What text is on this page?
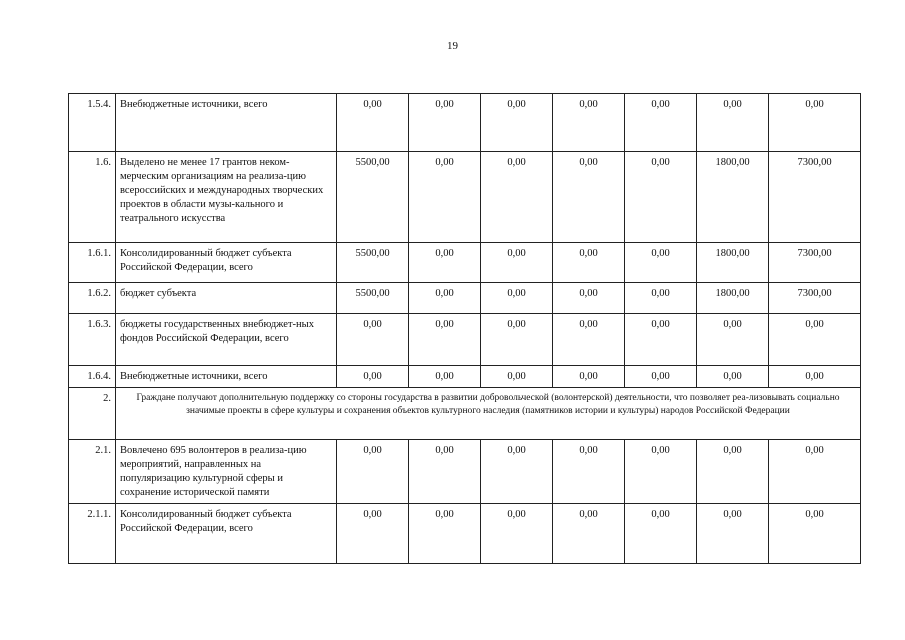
19
1.5.4.	Внебюджетные источники, всего	0,00	0,00	0,00	0,00	0,00	0,00	0,00
1.6.	Выделено не менее 17 грантов неком-мерческим организациям на реализа-цию всероссийских и международных творческих проектов в области музы-кального и театрального искусства	5500,00	0,00	0,00	0,00	0,00	1800,00	7300,00
1.6.1.	Консолидированный бюджет субъекта Российской Федерации, всего	5500,00	0,00	0,00	0,00	0,00	1800,00	7300,00
1.6.2.	бюджет субъекта	5500,00	0,00	0,00	0,00	0,00	1800,00	7300,00
1.6.3.	бюджеты государственных внебюджет-ных фондов Российской Федерации, всего	0,00	0,00	0,00	0,00	0,00	0,00	0,00
1.6.4.	Внебюджетные источники, всего	0,00	0,00	0,00	0,00	0,00	0,00	0,00
2.	Граждане получают дополнительную поддержку со стороны государства в развитии добровольческой (волонтерской) деятельности, что позволяет реа-лизовывать социально значимые проекты в сфере культуры и сохранения объектов культурного наследия (памятников истории и культуры) народов Российской Федерации							
2.1.	Вовлечено 695 волонтеров в реализа-цию мероприятий, направленных на популяризацию культурной сферы и сохранение исторической памяти	0,00	0,00	0,00	0,00	0,00	0,00	0,00
2.1.1.	Консолидированный бюджет субъекта Российской Федерации, всего	0,00	0,00	0,00	0,00	0,00	0,00	0,00
